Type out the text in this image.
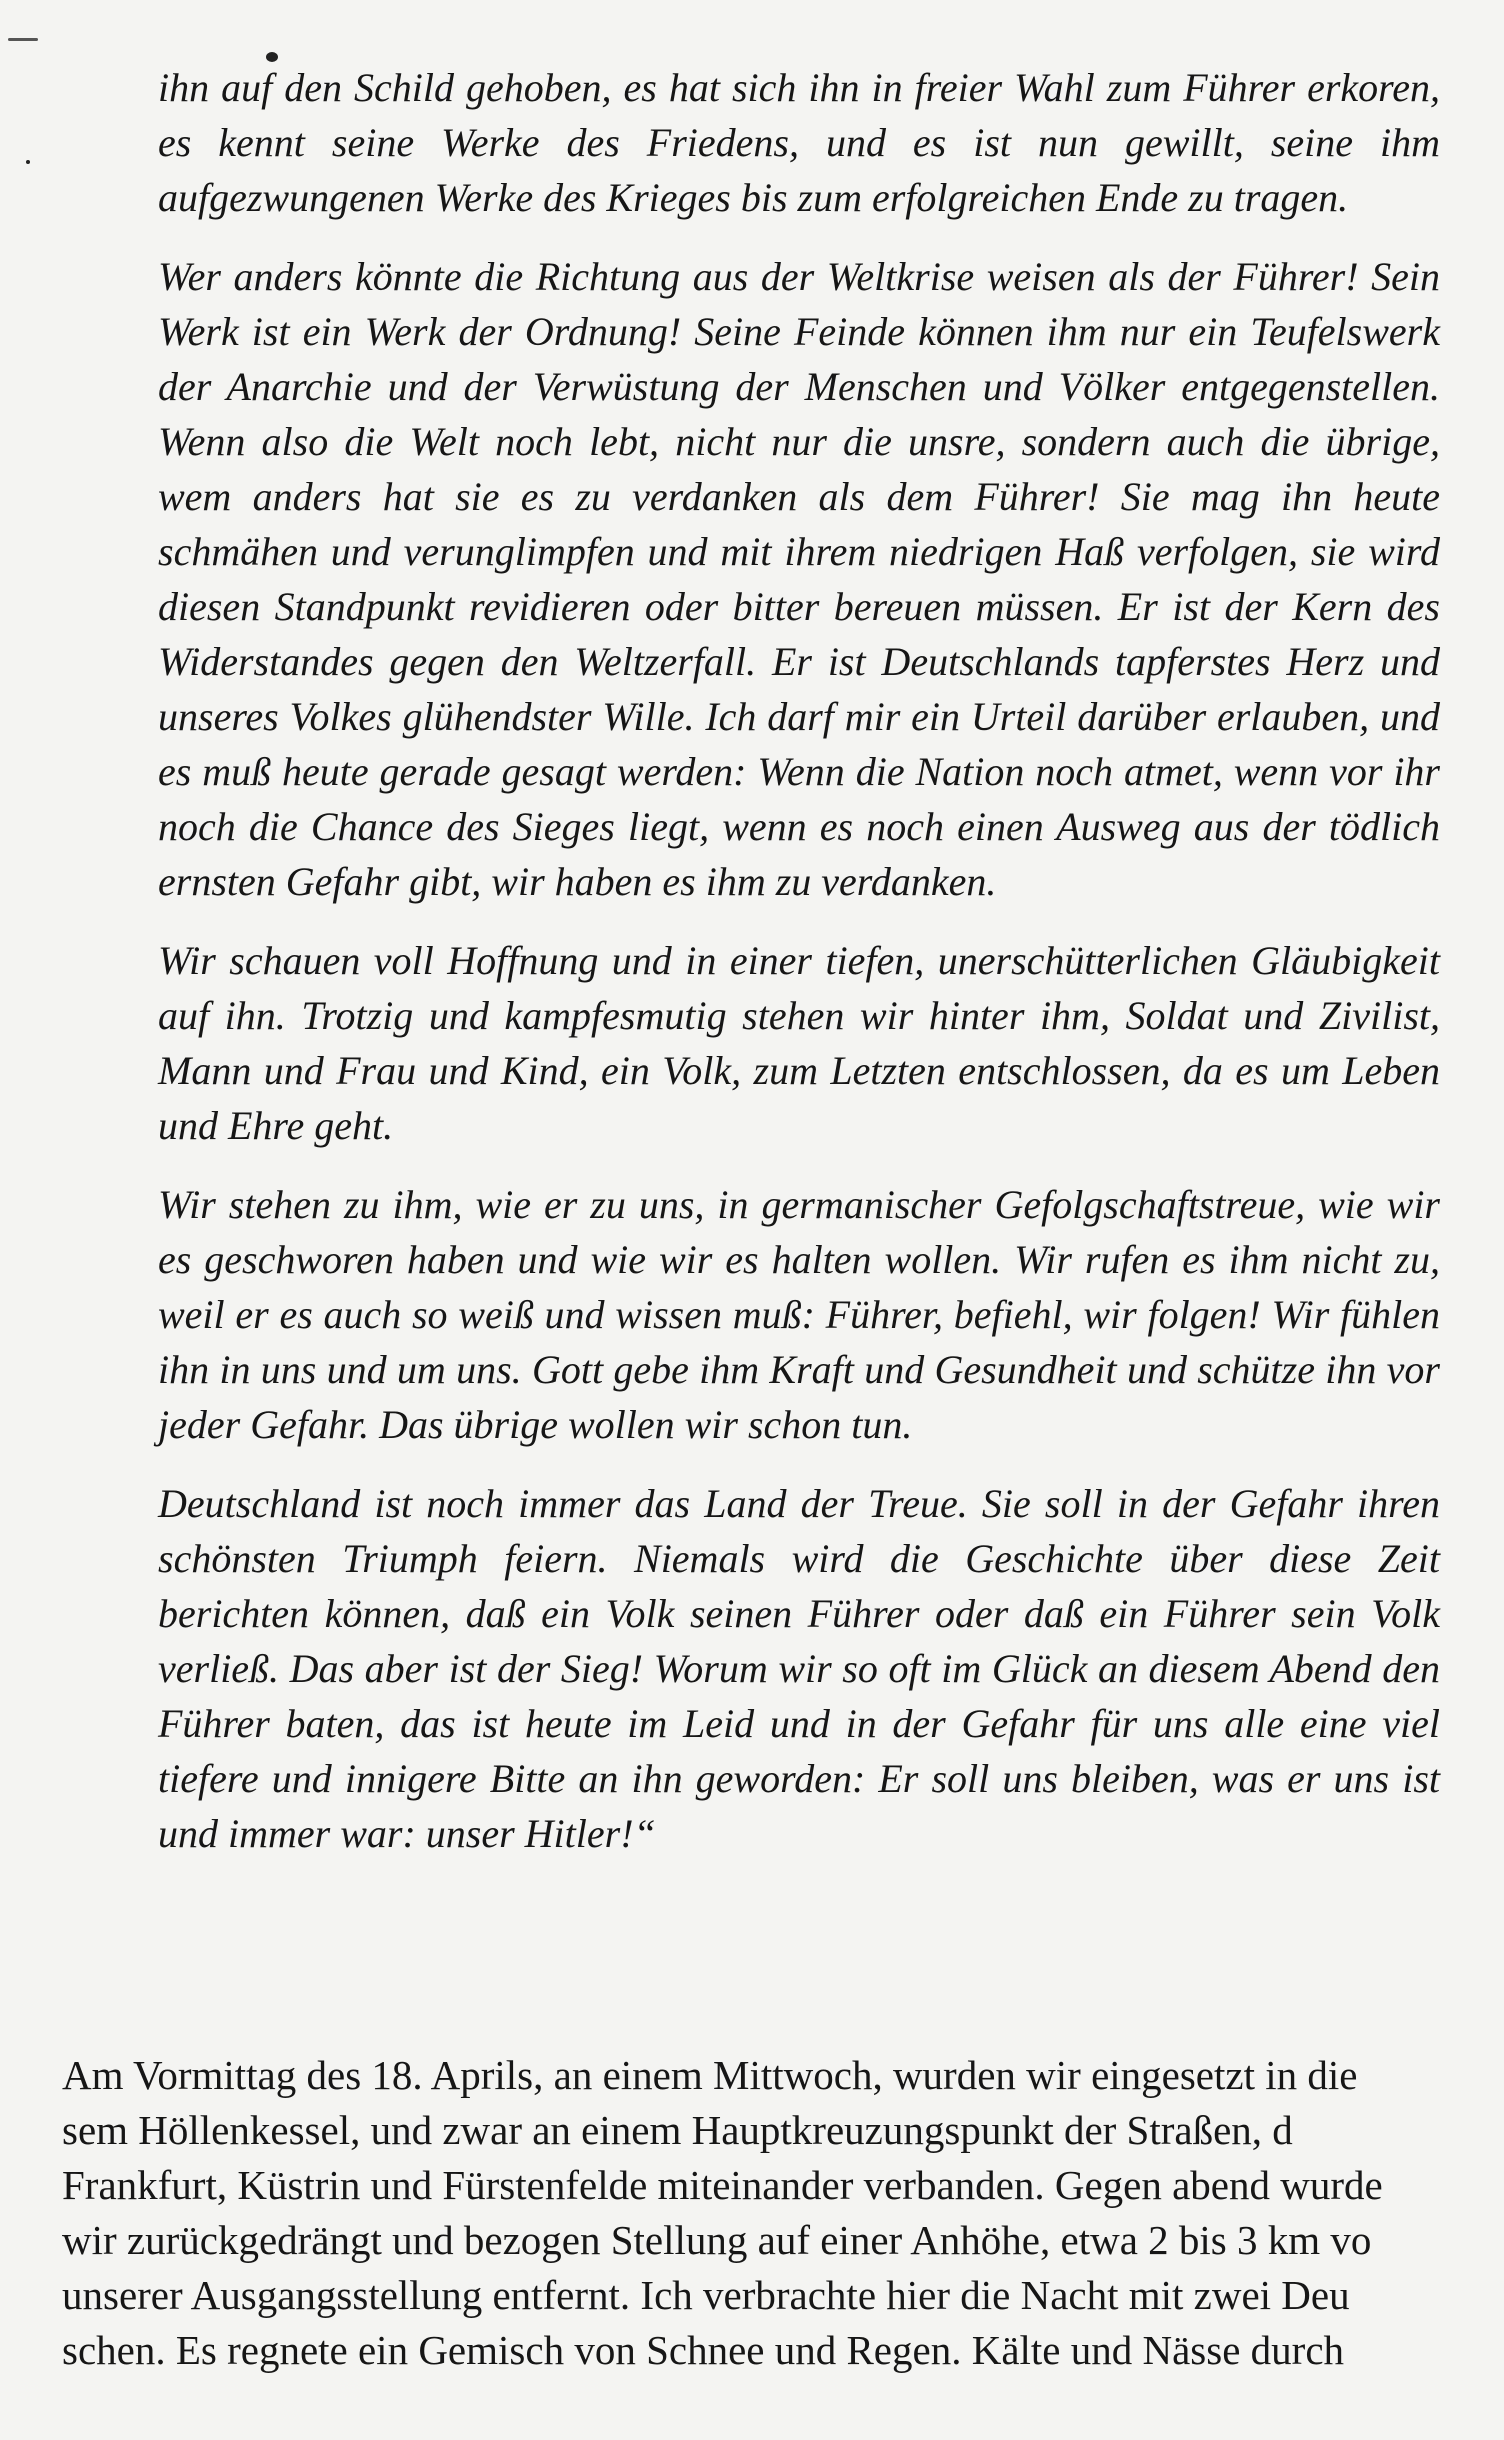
ihn auf den Schild gehoben, es hat sich ihn in freier Wahl zum Führer erkoren, es kennt seine Werke des Friedens, und es ist nun gewillt, seine ihm aufgezwungenen Werke des Krieges bis zum erfolgreichen Ende zu tragen.

Wer anders könnte die Richtung aus der Weltkrise weisen als der Führer! Sein Werk ist ein Werk der Ordnung! Seine Feinde können ihm nur ein Teufelswerk der Anarchie und der Verwüstung der Menschen und Völker entgegenstellen. Wenn also die Welt noch lebt, nicht nur die unsre, sondern auch die übrige, wem anders hat sie es zu verdanken als dem Führer! Sie mag ihn heute schmähen und verunglimpfen und mit ihrem niedrigen Haß verfolgen, sie wird diesen Standpunkt revidieren oder bitter bereuen müssen. Er ist der Kern des Widerstandes gegen den Weltzerfall. Er ist Deutschlands tapferstes Herz und unseres Volkes glühendster Wille. Ich darf mir ein Urteil darüber erlauben, und es muß heute gerade gesagt werden: Wenn die Nation noch atmet, wenn vor ihr noch die Chance des Sieges liegt, wenn es noch einen Ausweg aus der tödlich ernsten Gefahr gibt, wir haben es ihm zu verdanken.

Wir schauen voll Hoffnung und in einer tiefen, unerschütterlichen Gläubigkeit auf ihn. Trotzig und kampfesmutig stehen wir hinter ihm, Soldat und Zivilist, Mann und Frau und Kind, ein Volk, zum Letzten entschlossen, da es um Leben und Ehre geht.

Wir stehen zu ihm, wie er zu uns, in germanischer Gefolgschaftstreue, wie wir es geschworen haben und wie wir es halten wollen. Wir rufen es ihm nicht zu, weil er es auch so weiß und wissen muß: Führer, befiehl, wir folgen! Wir fühlen ihn in uns und um uns. Gott gebe ihm Kraft und Gesundheit und schütze ihn vor jeder Gefahr. Das übrige wollen wir schon tun.

Deutschland ist noch immer das Land der Treue. Sie soll in der Gefahr ihren schönsten Triumph feiern. Niemals wird die Geschichte über diese Zeit berichten können, daß ein Volk seinen Führer oder daß ein Führer sein Volk verließ. Das aber ist der Sieg! Worum wir so oft im Glück an diesem Abend den Führer baten, das ist heute im Leid und in der Gefahr für uns alle eine viel tiefere und innigere Bitte an ihn geworden: Er soll uns bleiben, was er uns ist und immer war: unser Hitler!“

Am Vormittag des 18. Aprils, an einem Mittwoch, wurden wir eingesetzt in die
sem Höllenkessel, und zwar an einem Hauptkreuzungspunkt der Straßen, d
Frankfurt, Küstrin und Fürstenfelde miteinander verbanden. Gegen abend wurde
wir zurückgedrängt und bezogen Stellung auf einer Anhöhe, etwa 2 bis 3 km vo
unserer Ausgangsstellung entfernt. Ich verbrachte hier die Nacht mit zwei Deu
schen. Es regnete ein Gemisch von Schnee und Regen. Kälte und Nässe durch
